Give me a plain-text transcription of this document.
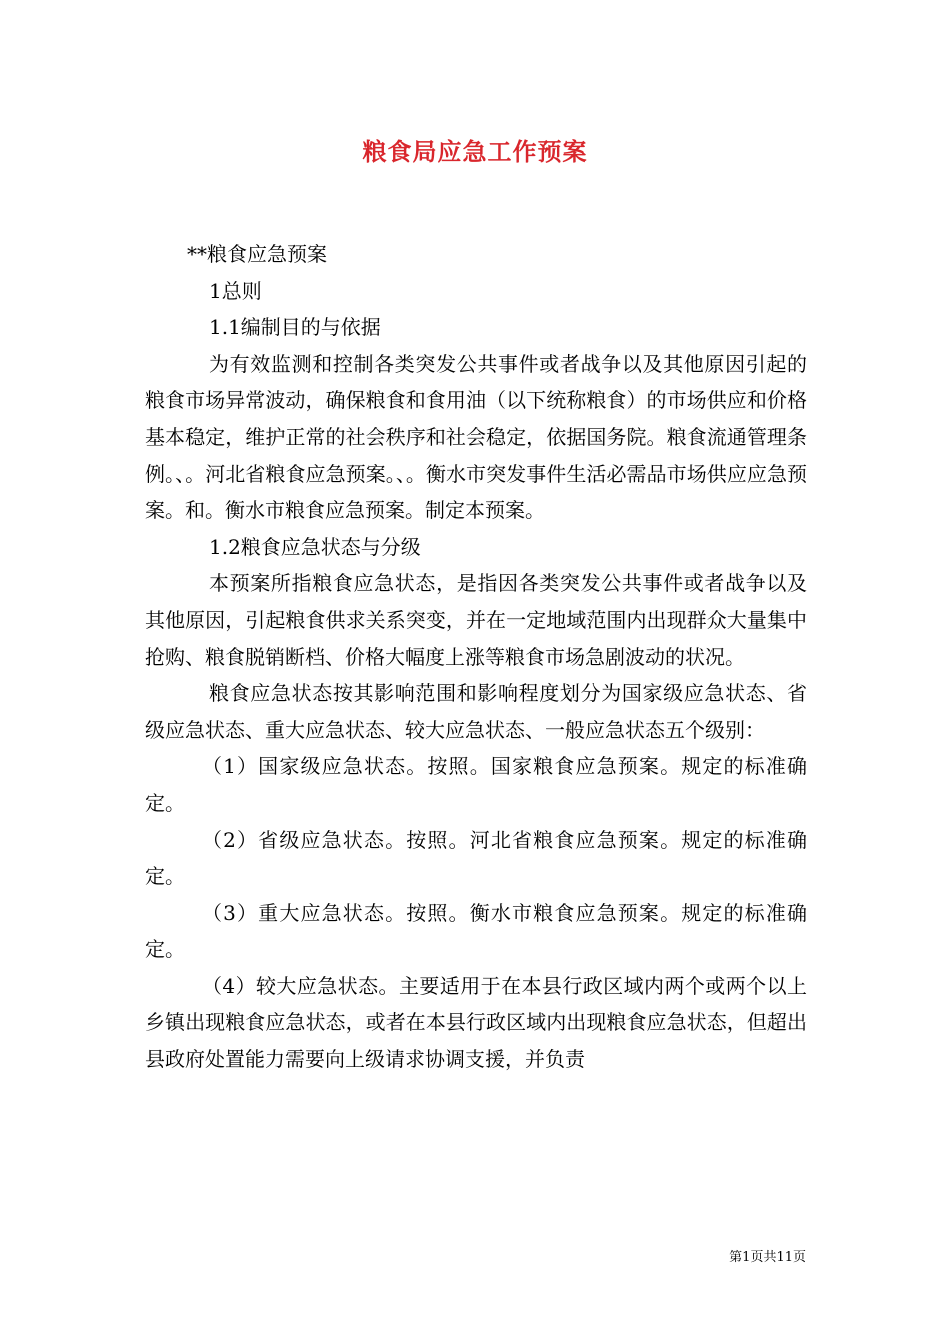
粮食局应急工作预案

**粮食应急预案

1总则

1.1编制目的与依据

为有效监测和控制各类突发公共事件或者战争以及其他原因引起的粮食市场异常波动，确保粮食和食用油（以下统称粮食）的市场供应和价格基本稳定，维护正常的社会秩序和社会稳定，依据国务院。粮食流通管理条例。、。河北省粮食应急预案。、。衡水市突发事件生活必需品市场供应应急预案。和。衡水市粮食应急预案。制定本预案。

1.2粮食应急状态与分级

本预案所指粮食应急状态，是指因各类突发公共事件或者战争以及其他原因，引起粮食供求关系突变，并在一定地域范围内出现群众大量集中抢购、粮食脱销断档、价格大幅度上涨等粮食市场急剧波动的状况。

粮食应急状态按其影响范围和影响程度划分为国家级应急状态、省级应急状态、重大应急状态、较大应急状态、一般应急状态五个级别：

（1）国家级应急状态。按照。国家粮食应急预案。规定的标准确定。

（2）省级应急状态。按照。河北省粮食应急预案。规定的标准确定。

（3）重大应急状态。按照。衡水市粮食应急预案。规定的标准确定。

（4）较大应急状态。主要适用于在本县行政区域内两个或两个以上乡镇出现粮食应急状态，或者在本县行政区域内出现粮食应急状态，但超出县政府处置能力需要向上级请求协调支援，并负责

第1页共11页
